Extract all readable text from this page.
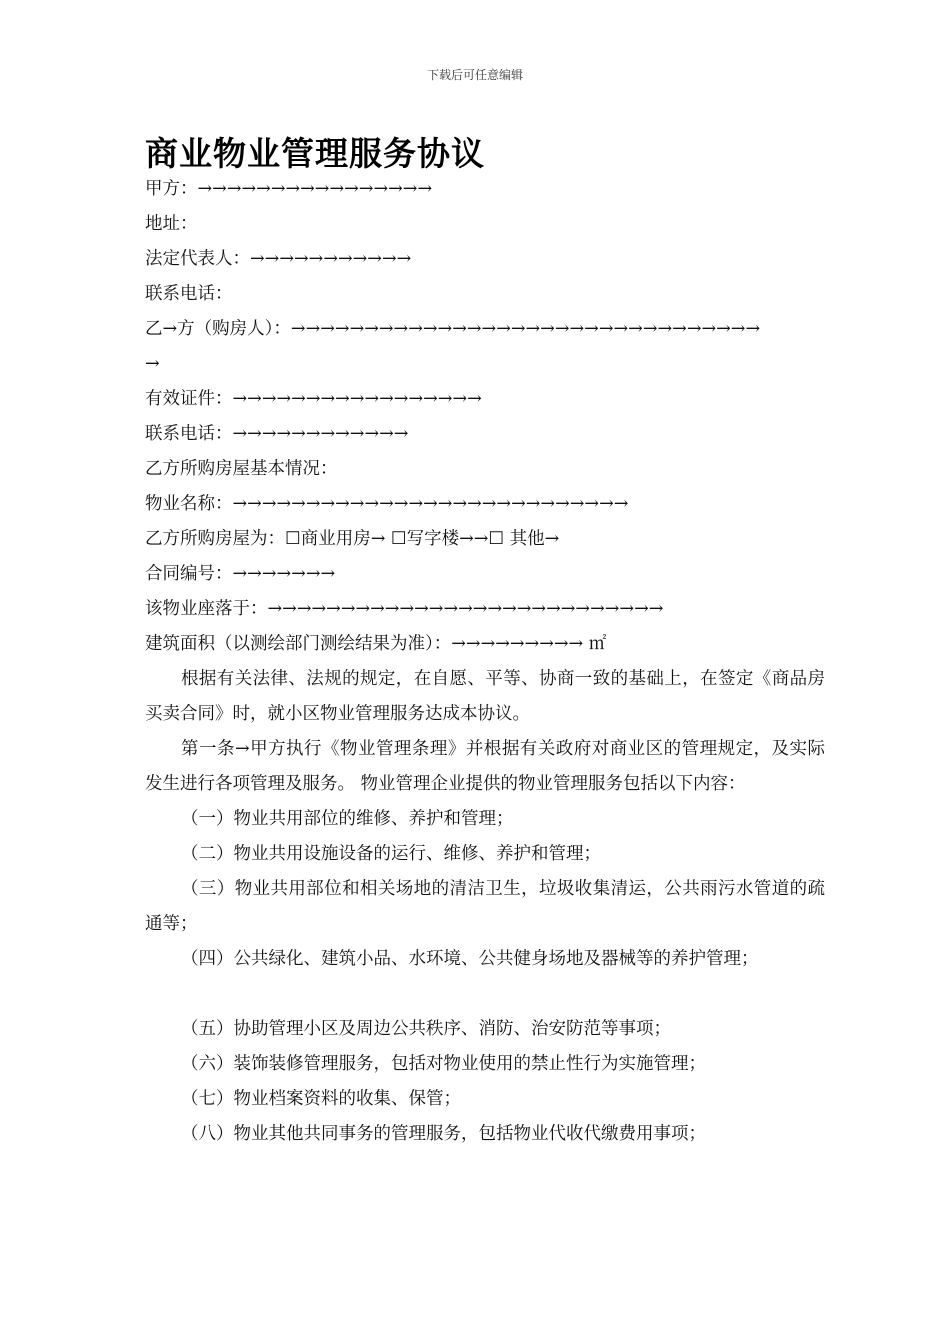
下载后可任意编辑
商业物业管理服务协议
甲方：→→→→→→→→→→→→→→→→
地址：
法定代表人：→→→→→→→→→→→
联系电话：
乙→方（购房人）：→→→→→→→→→→→→→→→→→→→→→→→→→→→→→→→→
→
有效证件：→→→→→→→→→→→→→→→→→
联系电话：→→→→→→→→→→→→
乙方所购房屋基本情况：
物业名称：→→→→→→→→→→→→→→→→→→→→→→→→→→→
乙方所购房屋为：☐商业用房→ ☐写字楼→→☐ 其他→
合同编号：→→→→→→→
该物业座落于：→→→→→→→→→→→→→→→→→→→→→→→→→→→
建筑面积（以测绘部门测绘结果为准）：→→→→→→→→→ ㎡
根据有关法律、法规的规定，在自愿、平等、协商一致的基础上，在签定《商品房买卖合同》时，就小区物业管理服务达成本协议。
第一条→甲方执行《物业管理条理》并根据有关政府对商业区的管理规定，及实际发生进行各项管理及服务。 物业管理企业提供的物业管理服务包括以下内容：
（一）物业共用部位的维修、养护和管理；
（二）物业共用设施设备的运行、维修、养护和管理；
（三）物业共用部位和相关场地的清洁卫生，垃圾收集清运，公共雨污水管道的疏通等；
（四）公共绿化、建筑小品、水环境、公共健身场地及器械等的养护管理；
（五）协助管理小区及周边公共秩序、消防、治安防范等事项；
（六）装饰装修管理服务，包括对物业使用的禁止性行为实施管理；
（七）物业档案资料的收集、保管；
（八）物业其他共同事务的管理服务，包括物业代收代缴费用事项；
